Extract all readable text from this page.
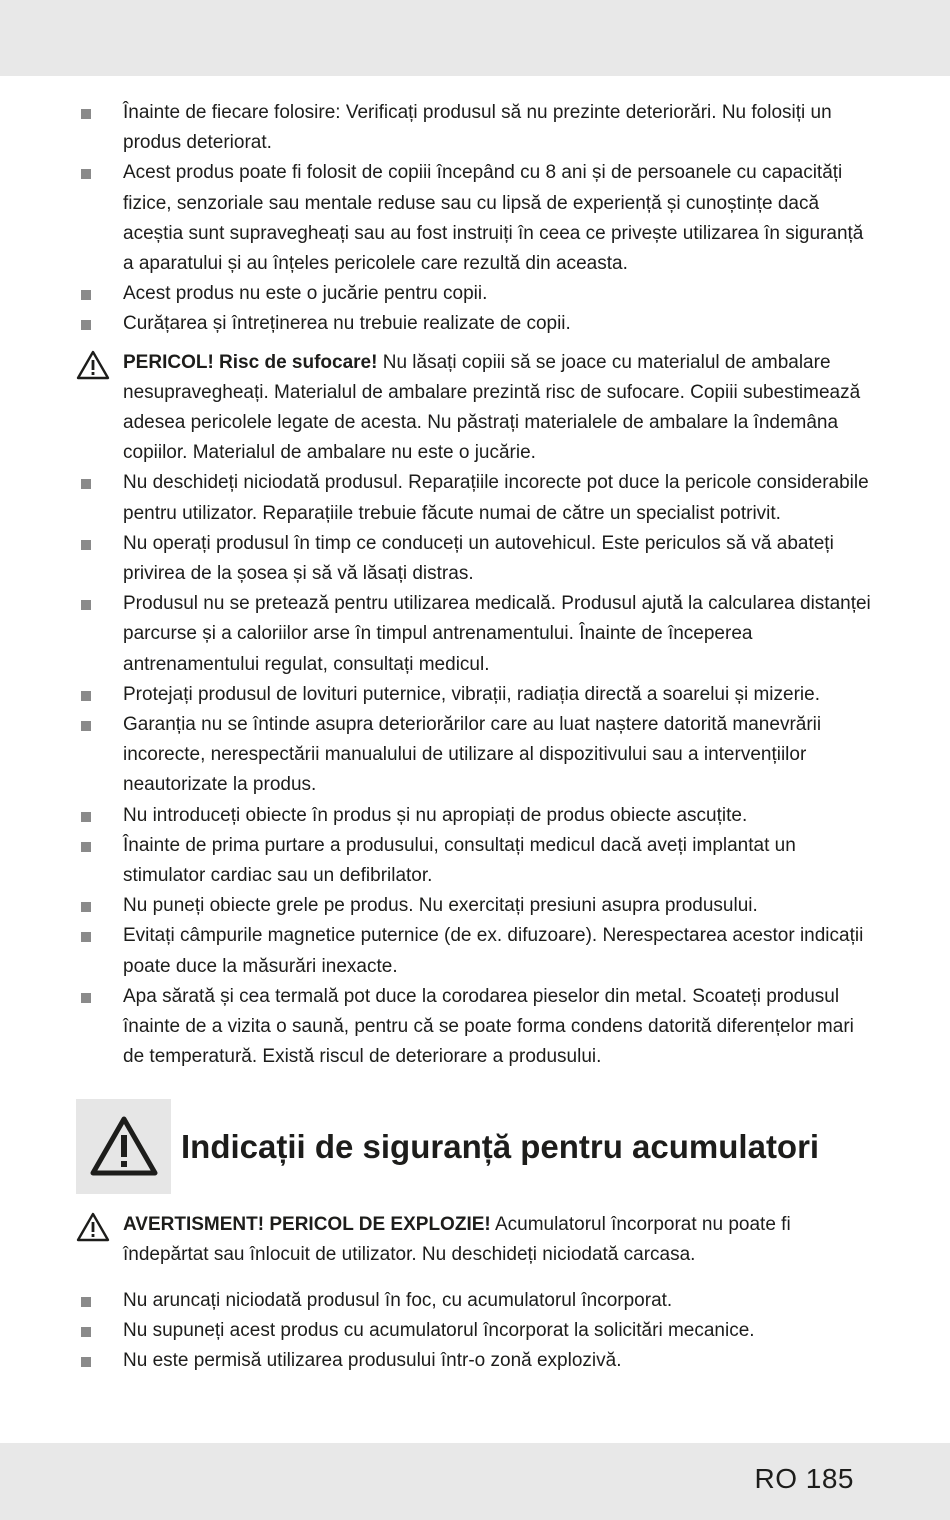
Înainte de fiecare folosire: Verificați produsul să nu prezinte deteriorări. Nu folosiți un produs deteriorat.
Acest produs poate fi folosit de copiii începând cu 8 ani și de persoanele cu capacități fizice, senzoriale sau mentale reduse sau cu lipsă de experiență și cunoștințe dacă aceștia sunt supravegheați sau au fost instruiți în ceea ce privește utilizarea în siguranță a aparatului și au înțeles pericolele care rezultă din aceasta.
Acest produs nu este o jucărie pentru copii.
Curățarea și întreținerea nu trebuie realizate de copii.
PERICOL! Risc de sufocare! Nu lăsați copiii să se joace cu materialul de ambalare nesupravegheați. Materialul de ambalare prezintă risc de sufocare. Copiii subestimează adesea pericolele legate de acesta. Nu păstrați materialele de ambalare la îndemâna copiilor. Materialul de ambalare nu este o jucărie.
Nu deschideți niciodată produsul. Reparațiile incorecte pot duce la pericole considerabile pentru utilizator. Reparațiile trebuie făcute numai de către un specialist potrivit.
Nu operați produsul în timp ce conduceți un autovehicul. Este periculos să vă abateți privirea de la șosea și să vă lăsați distras.
Produsul nu se pretează pentru utilizarea medicală. Produsul ajută la calcularea distanței parcurse și a caloriilor arse în timpul antrenamentului. Înainte de începerea antrenamentului regulat, consultați medicul.
Protejați produsul de lovituri puternice, vibrații, radiația directă a soarelui și mizerie.
Garanția nu se întinde asupra deteriorărilor care au luat naștere datorită manevrării incorecte, nerespectării manualului de utilizare al dispozitivului sau a intervențiilor neautorizate la produs.
Nu introduceți obiecte în produs și nu apropiați de produs obiecte ascuțite.
Înainte de prima purtare a produsului, consultați medicul dacă aveți implantat un stimulator cardiac sau un defibrilator.
Nu puneți obiecte grele pe produs. Nu exercitați presiuni asupra produsului.
Evitați câmpurile magnetice puternice (de ex. difuzoare). Nerespectarea acestor indicații poate duce la măsurări inexacte.
Apa sărată și cea termală pot duce la corodarea pieselor din metal. Scoateți produsul înainte de a vizita o saună, pentru că se poate forma condens datorită diferențelor mari de temperatură. Există riscul de deteriorare a produsului.
Indicații de siguranță pentru acumulatori
AVERTISMENT! PERICOL DE EXPLOZIE! Acumulatorul încorporat nu poate fi îndepărtat sau înlocuit de utilizator. Nu deschideți niciodată carcasa.
Nu aruncați niciodată produsul în foc, cu acumulatorul încorporat.
Nu supuneți acest produs cu acumulatorul încorporat la solicitări mecanice.
Nu este permisă utilizarea produsului într-o zonă explozivă.
RO 185
